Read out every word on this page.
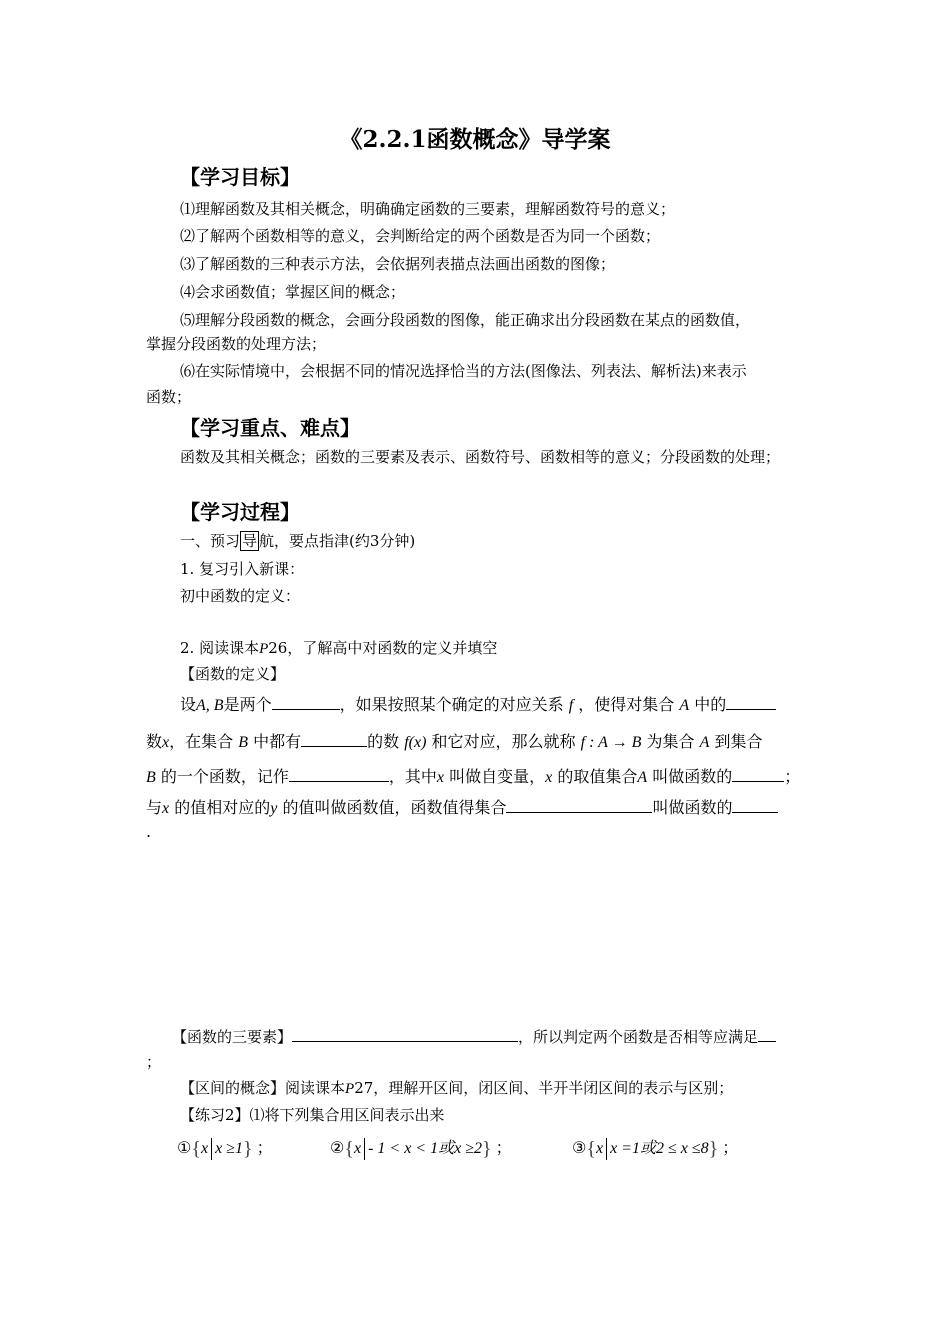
《2.2.1函数概念》导学案
【学习目标】
⑴理解函数及其相关概念，明确确定函数的三要素，理解函数符号的意义；
⑵了解两个函数相等的意义，会判断给定的两个函数是否为同一个函数；
⑶了解函数的三种表示方法，会依据列表描点法画出函数的图像；
⑷会求函数值；掌握区间的概念；
⑸理解分段函数的概念，会画分段函数的图像，能正确求出分段函数在某点的函数值，
掌握分段函数的处理方法；
⑹在实际情境中，会根据不同的情况选择恰当的方法(图像法、列表法、解析法)来表示
函数；
【学习重点、难点】
函数及其相关概念；函数的三要素及表示、函数符号、函数相等的意义；分段函数的处理；
【学习过程】
一、预习 导 航，要点指津(约3分钟)
1. 复习引入新课：
初中函数的定义：
2. 阅读课本P26，了解高中对函数的定义并填空
【函数的定义】
设A, B是两个	，如果按照某个确定的对应关系 f ，使得对集合 A 中的
数x，在集合 B 中都有	的数 f(x) 和它对应，那么就称 f : A → B 为集合 A 到集合
B 的一个函数，记作	，其中x 叫做自变量，x 的取值集合A 叫做函数的	；
与x 的值相对应的y 的值叫做函数值，函数值得集合	叫做函数的
.
【函数的三要素】	，所以判定两个函数是否相等应满足
；
【区间的概念】阅读课本P27，理解开区间，闭区间、半开半闭区间的表示与区别；
【练习2】⑴将下列集合用区间表示出来
①{x x ≥1} ；	②{x - 1 < x < 1或x ≥2} ；	③{x x =1或2 ≤ x ≤8} ；
